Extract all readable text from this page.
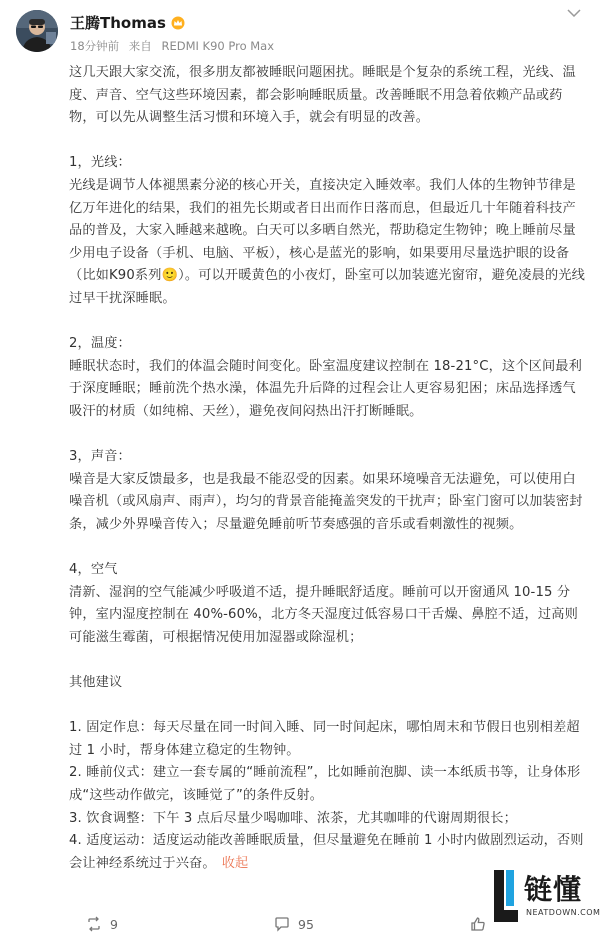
王腾Thomas
18分钟前 来自 REDMI K90 Pro Max

这几天跟大家交流，很多朋友都被睡眠问题困扰。睡眠是个复杂的系统工程，光线、温度、声音、空气这些环境因素，都会影响睡眠质量。改善睡眠不用急着依赖产品或药物，可以先从调整生活习惯和环境入手，就会有明显的改善。

1，光线：

光线是调节人体褪黑素分泌的核心开关，直接决定入睡效率。我们人体的生物钟节律是亿万年进化的结果，我们的祖先长期或者日出而作日落而息，但最近几十年随着科技产品的普及，大家入睡越来越晚。白天可以多晒自然光，帮助稳定生物钟；晚上睡前尽量少用电子设备（手机、电脑、平板），核心是蓝光的影响，如果要用尽量选护眼的设备（比如K90系列🙂）。可以开暖黄色的小夜灯，卧室可以加装遮光窗帘，避免凌晨的光线过早干扰深睡眠。

2，温度：

睡眠状态时，我们的体温会随时间变化。卧室温度建议控制在 18-21°C，这个区间最利于深度睡眠；睡前洗个热水澡，体温先升后降的过程会让人更容易犯困；床品选择透气吸汗的材质（如纯棉、天丝），避免夜间闷热出汗打断睡眠。

3，声音：

噪音是大家反馈最多，也是我最不能忍受的因素。如果环境噪音无法避免，可以使用白噪音机（或风扇声、雨声），均匀的背景音能掩盖突发的干扰声；卧室门窗可以加装密封条，减少外界噪音传入；尽量避免睡前听节奏感强的音乐或看刺激性的视频。

4，空气

清新、湿润的空气能减少呼吸道不适，提升睡眠舒适度。睡前可以开窗通风 10-15 分钟，室内湿度控制在 40%-60%，北方冬天湿度过低容易口干舌燥、鼻腔不适，过高则可能滋生霉菌，可根据情况使用加湿器或除湿机；

其他建议

1. 固定作息：每天尽量在同一时间入睡、同一时间起床，哪怕周末和节假日也别相差超过 1 小时，帮身体建立稳定的生物钟。

2. 睡前仪式：建立一套专属的“睡前流程”，比如睡前泡脚、读一本纸质书等，让身体形成“这些动作做完，该睡觉了”的条件反射。

3. 饮食调整：下午 3 点后尽量少喝咖啡、浓茶，尤其咖啡的代谢周期很长；

4. 适度运动：适度运动能改善睡眠质量，但尽量避免在睡前 1 小时内做剧烈运动，否则会让神经系统过于兴奋。 收起

9	95
链懂
NEATDOWN.COM
